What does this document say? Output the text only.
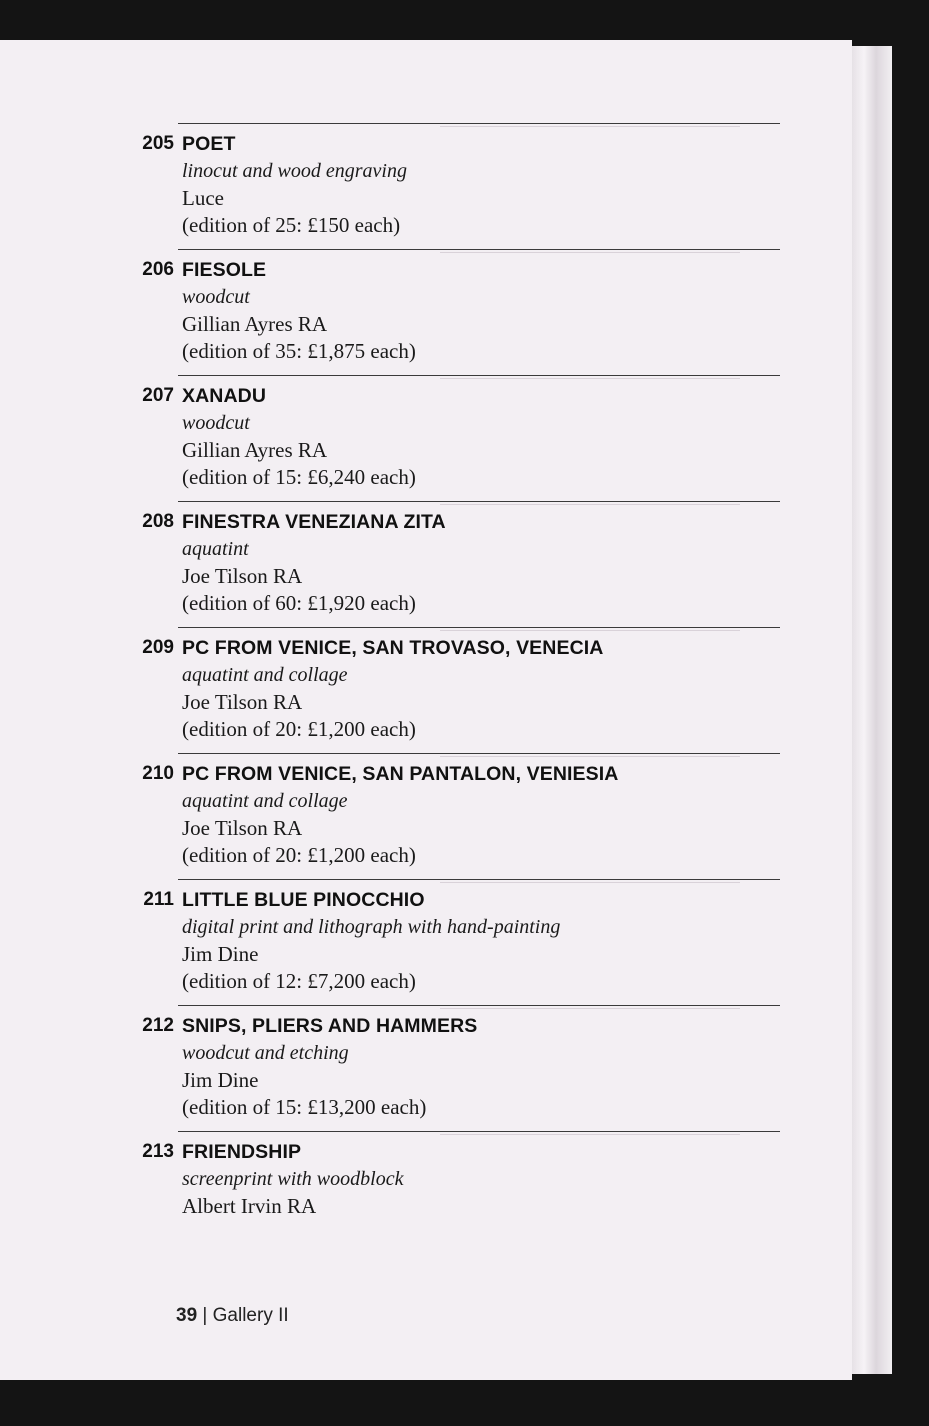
205 POET
linocut and wood engraving
Luce
(edition of 25: £150 each)
206 FIESOLE
woodcut
Gillian Ayres RA
(edition of 35: £1,875 each)
207 XANADU
woodcut
Gillian Ayres RA
(edition of 15: £6,240 each)
208 FINESTRA VENEZIANA ZITA
aquatint
Joe Tilson RA
(edition of 60: £1,920 each)
209 PC FROM VENICE, SAN TROVASO, VENECIA
aquatint and collage
Joe Tilson RA
(edition of 20: £1,200 each)
210 PC FROM VENICE, SAN PANTALON, VENIESIA
aquatint and collage
Joe Tilson RA
(edition of 20: £1,200 each)
211 LITTLE BLUE PINOCCHIO
digital print and lithograph with hand-painting
Jim Dine
(edition of 12: £7,200 each)
212 SNIPS, PLIERS AND HAMMERS
woodcut and etching
Jim Dine
(edition of 15: £13,200 each)
213 FRIENDSHIP
screenprint with woodblock
Albert Irvin RA
39 | Gallery II
